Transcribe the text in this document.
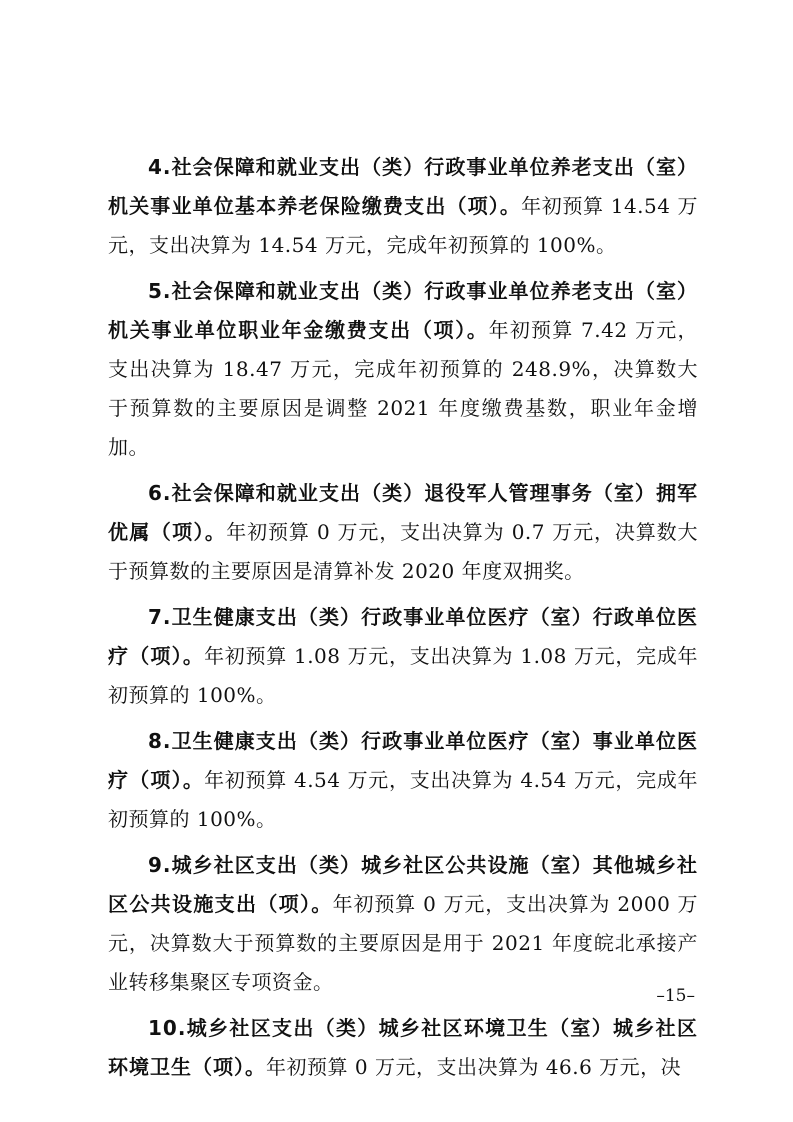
4.社会保障和就业支出（类）行政事业单位养老支出（室）机关事业单位基本养老保险缴费支出（项）。年初预算 14.54 万元，支出决算为 14.54 万元，完成年初预算的 100%。

5.社会保障和就业支出（类）行政事业单位养老支出（室）机关事业单位职业年金缴费支出（项）。年初预算 7.42 万元，支出决算为 18.47 万元，完成年初预算的 248.9%，决算数大于预算数的主要原因是调整 2021 年度缴费基数，职业年金增加。

6.社会保障和就业支出（类）退役军人管理事务（室）拥军优属（项）。年初预算 0 万元，支出决算为 0.7 万元，决算数大于预算数的主要原因是清算补发 2020 年度双拥奖。

7.卫生健康支出（类）行政事业单位医疗（室）行政单位医疗（项）。年初预算 1.08 万元，支出决算为 1.08 万元，完成年初预算的 100%。

8.卫生健康支出（类）行政事业单位医疗（室）事业单位医疗（项）。年初预算 4.54 万元，支出决算为 4.54 万元，完成年初预算的 100%。

9.城乡社区支出（类）城乡社区公共设施（室）其他城乡社区公共设施支出（项）。年初预算 0 万元，支出决算为 2000 万元，决算数大于预算数的主要原因是用于 2021 年度皖北承接产业转移集聚区专项资金。

10.城乡社区支出（类）城乡社区环境卫生（室）城乡社区环境卫生（项）。年初预算 0 万元，支出决算为 46.6 万元，决

–15–
